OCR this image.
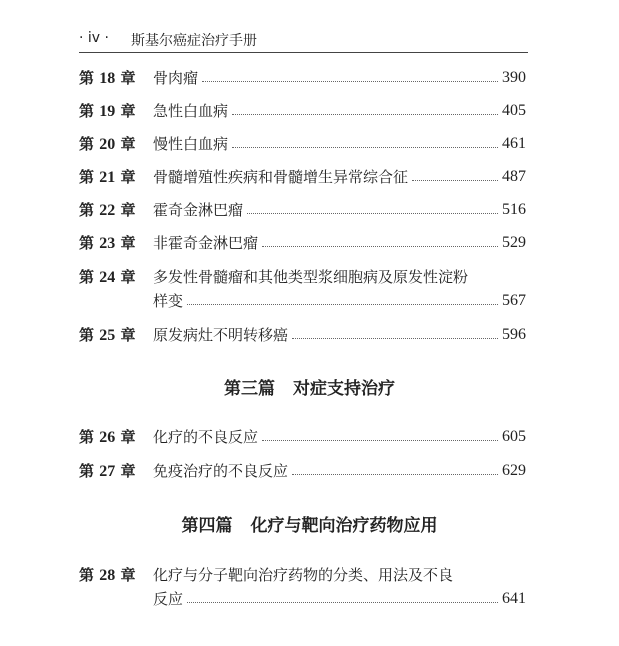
· iv · 斯基尔癌症治疗手册
第 18 章 骨肉瘤	390
第 19 章 急性白血病	405
第 20 章 慢性白血病	461
第 21 章 骨髓增殖性疾病和骨髓增生异常综合征	487
第 22 章 霍奇金淋巴瘤	516
第 23 章 非霍奇金淋巴瘤	529
第 24 章 多发性骨髓瘤和其他类型浆细胞病及原发性淀粉
样变	567
第 25 章 原发病灶不明转移癌	596
第三篇 对症支持治疗
第 26 章 化疗的不良反应	605
第 27 章 免疫治疗的不良反应	629
第四篇 化疗与靶向治疗药物应用
第 28 章 化疗与分子靶向治疗药物的分类、用法及不良
反应	641
